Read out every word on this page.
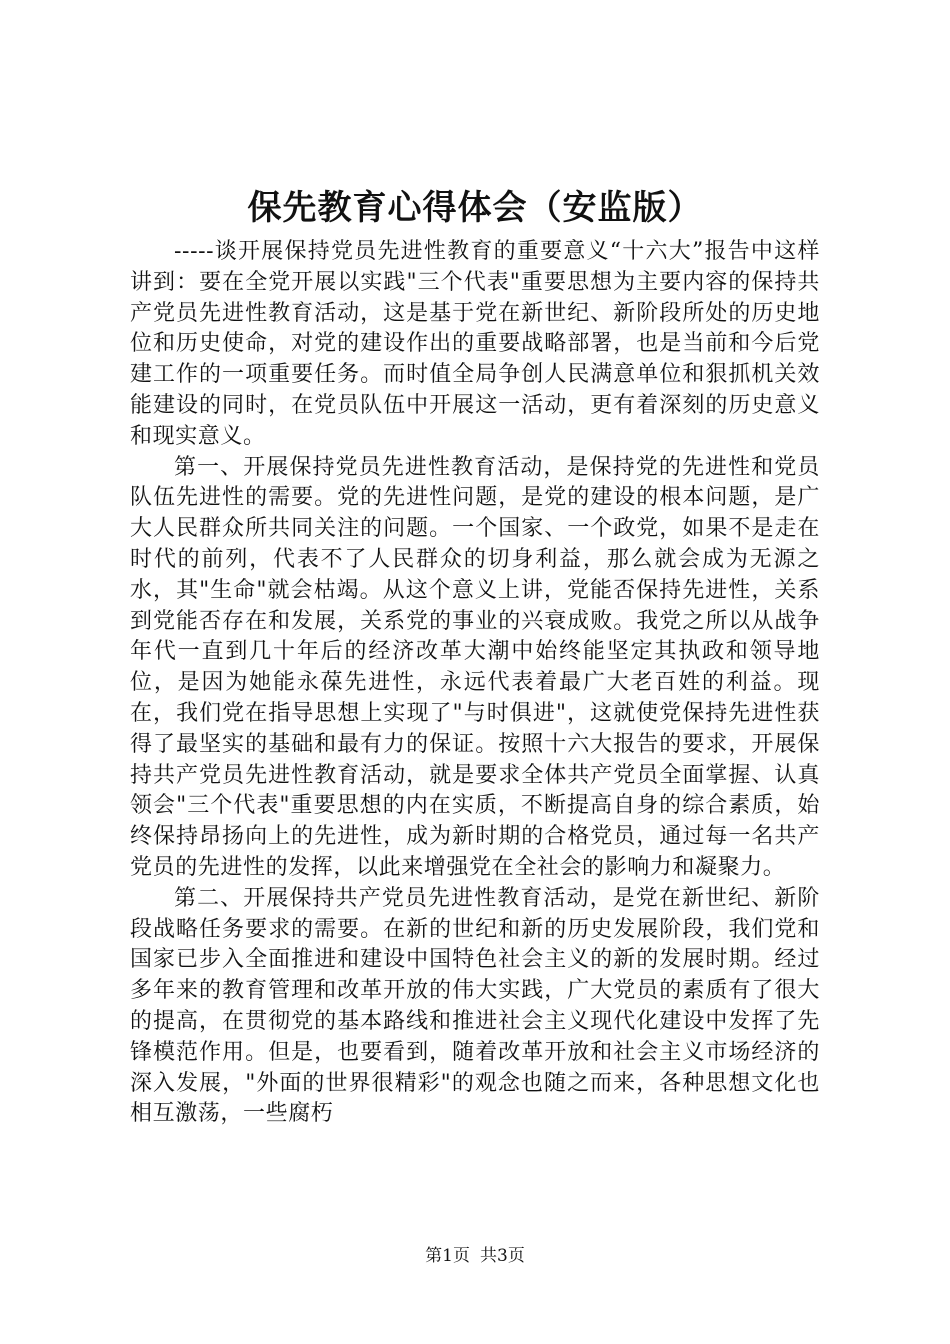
保先教育心得体会（安监版）

-----谈开展保持党员先进性教育的重要意义“十六大”报告中这样讲到：要在全党开展以实践"三个代表"重要思想为主要内容的保持共产党员先进性教育活动，这是基于党在新世纪、新阶段所处的历史地位和历史使命，对党的建设作出的重要战略部署，也是当前和今后党建工作的一项重要任务。而时值全局争创人民满意单位和狠抓机关效能建设的同时，在党员队伍中开展这一活动，更有着深刻的历史意义和现实意义。

第一、开展保持党员先进性教育活动，是保持党的先进性和党员队伍先进性的需要。党的先进性问题，是党的建设的根本问题，是广大人民群众所共同关注的问题。一个国家、一个政党，如果不是走在时代的前列，代表不了人民群众的切身利益，那么就会成为无源之水，其"生命"就会枯竭。从这个意义上讲，党能否保持先进性，关系到党能否存在和发展，关系党的事业的兴衰成败。我党之所以从战争年代一直到几十年后的经济改革大潮中始终能坚定其执政和领导地位，是因为她能永葆先进性，永远代表着最广大老百姓的利益。现在，我们党在指导思想上实现了"与时俱进"，这就使党保持先进性获得了最坚实的基础和最有力的保证。按照十六大报告的要求，开展保持共产党员先进性教育活动，就是要求全体共产党员全面掌握、认真领会"三个代表"重要思想的内在实质，不断提高自身的综合素质，始终保持昂扬向上的先进性，成为新时期的合格党员，通过每一名共产党员的先进性的发挥，以此来增强党在全社会的影响力和凝聚力。

第二、开展保持共产党员先进性教育活动，是党在新世纪、新阶段战略任务要求的需要。在新的世纪和新的历史发展阶段，我们党和国家已步入全面推进和建设中国特色社会主义的新的发展时期。经过多年来的教育管理和改革开放的伟大实践，广大党员的素质有了很大的提高，在贯彻党的基本路线和推进社会主义现代化建设中发挥了先锋模范作用。但是，也要看到，随着改革开放和社会主义市场经济的深入发展，"外面的世界很精彩"的观念也随之而来，各种思想文化也相互激荡，一些腐朽

第1页 共3页
